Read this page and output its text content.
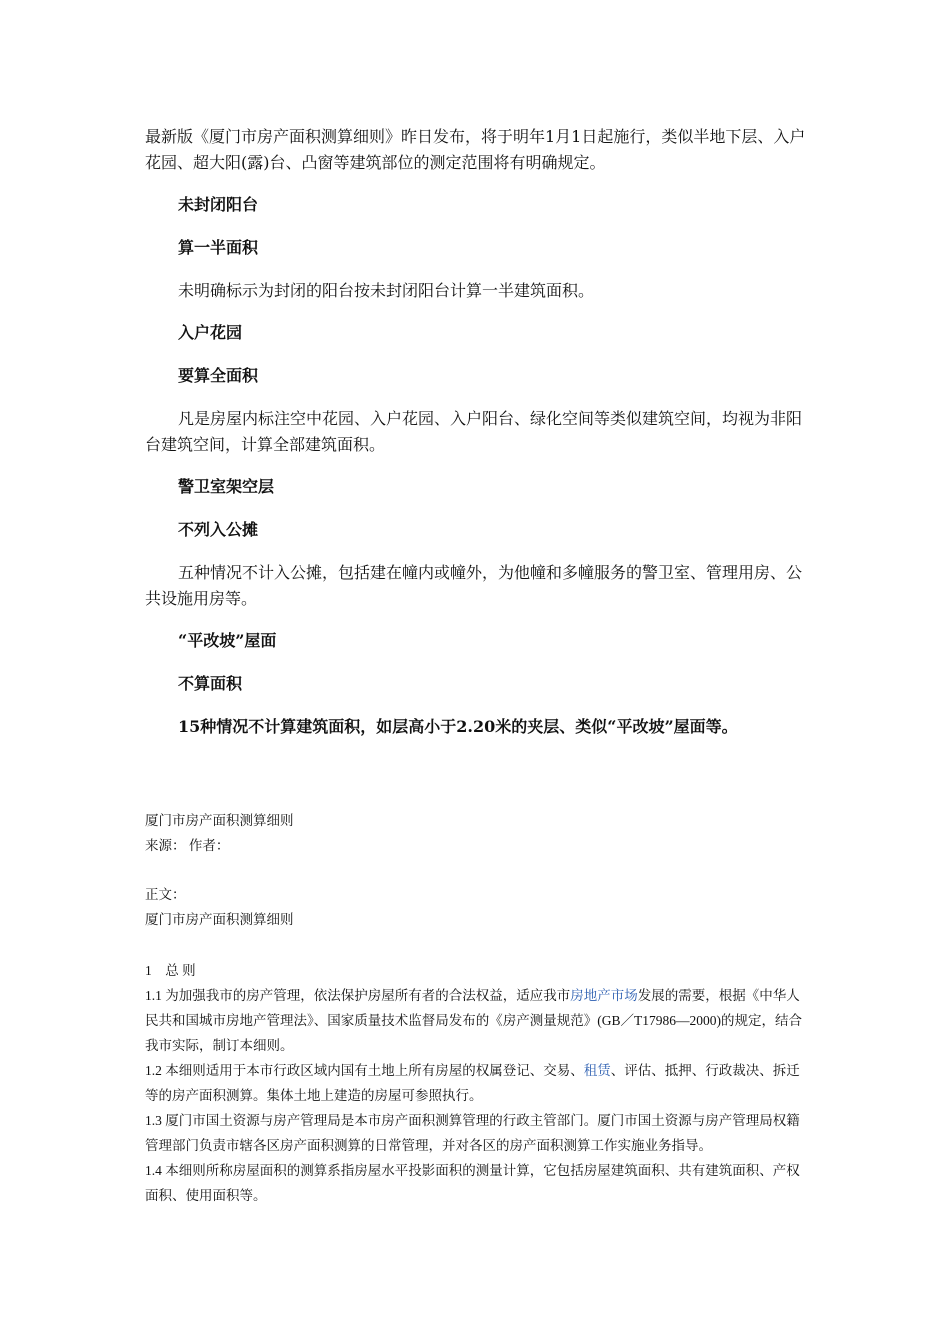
最新版《厦门市房产面积测算细则》昨日发布，将于明年1月1日起施行，类似半地下层、入户花园、超大阳(露)台、凸窗等建筑部位的测定范围将有明确规定。

未封闭阳台

算一半面积

未明确标示为封闭的阳台按未封闭阳台计算一半建筑面积。

入户花园

要算全面积

凡是房屋内标注空中花园、入户花园、入户阳台、绿化空间等类似建筑空间，均视为非阳台建筑空间，计算全部建筑面积。

警卫室架空层

不列入公摊

五种情况不计入公摊，包括建在幢内或幢外，为他幢和多幢服务的警卫室、管理用房、公共设施用房等。

“平改坡”屋面

不算面积

15种情况不计算建筑面积，如层高小于2.20米的夹层、类似“平改坡”屋面等。

厦门市房产面积测算细则

来源： 作者：

正文：

厦门市房产面积测算细则

1　总 则

1.1 为加强我市的房产管理，依法保护房屋所有者的合法权益，适应我市房地产市场发展的需要，根据《中华人民共和国城市房地产管理法》、国家质量技术监督局发布的《房产测量规范》(GB／T17986—2000)的规定，结合我市实际，制订本细则。

1.2 本细则适用于本市行政区域内国有土地上所有房屋的权属登记、交易、租赁、评估、抵押、行政裁决、拆迁等的房产面积测算。集体土地上建造的房屋可参照执行。

1.3 厦门市国土资源与房产管理局是本市房产面积测算管理的行政主管部门。厦门市国土资源与房产管理局权籍管理部门负责市辖各区房产面积测算的日常管理，并对各区的房产面积测算工作实施业务指导。

1.4 本细则所称房屋面积的测算系指房屋水平投影面积的测量计算，它包括房屋建筑面积、共有建筑面积、产权面积、使用面积等。
